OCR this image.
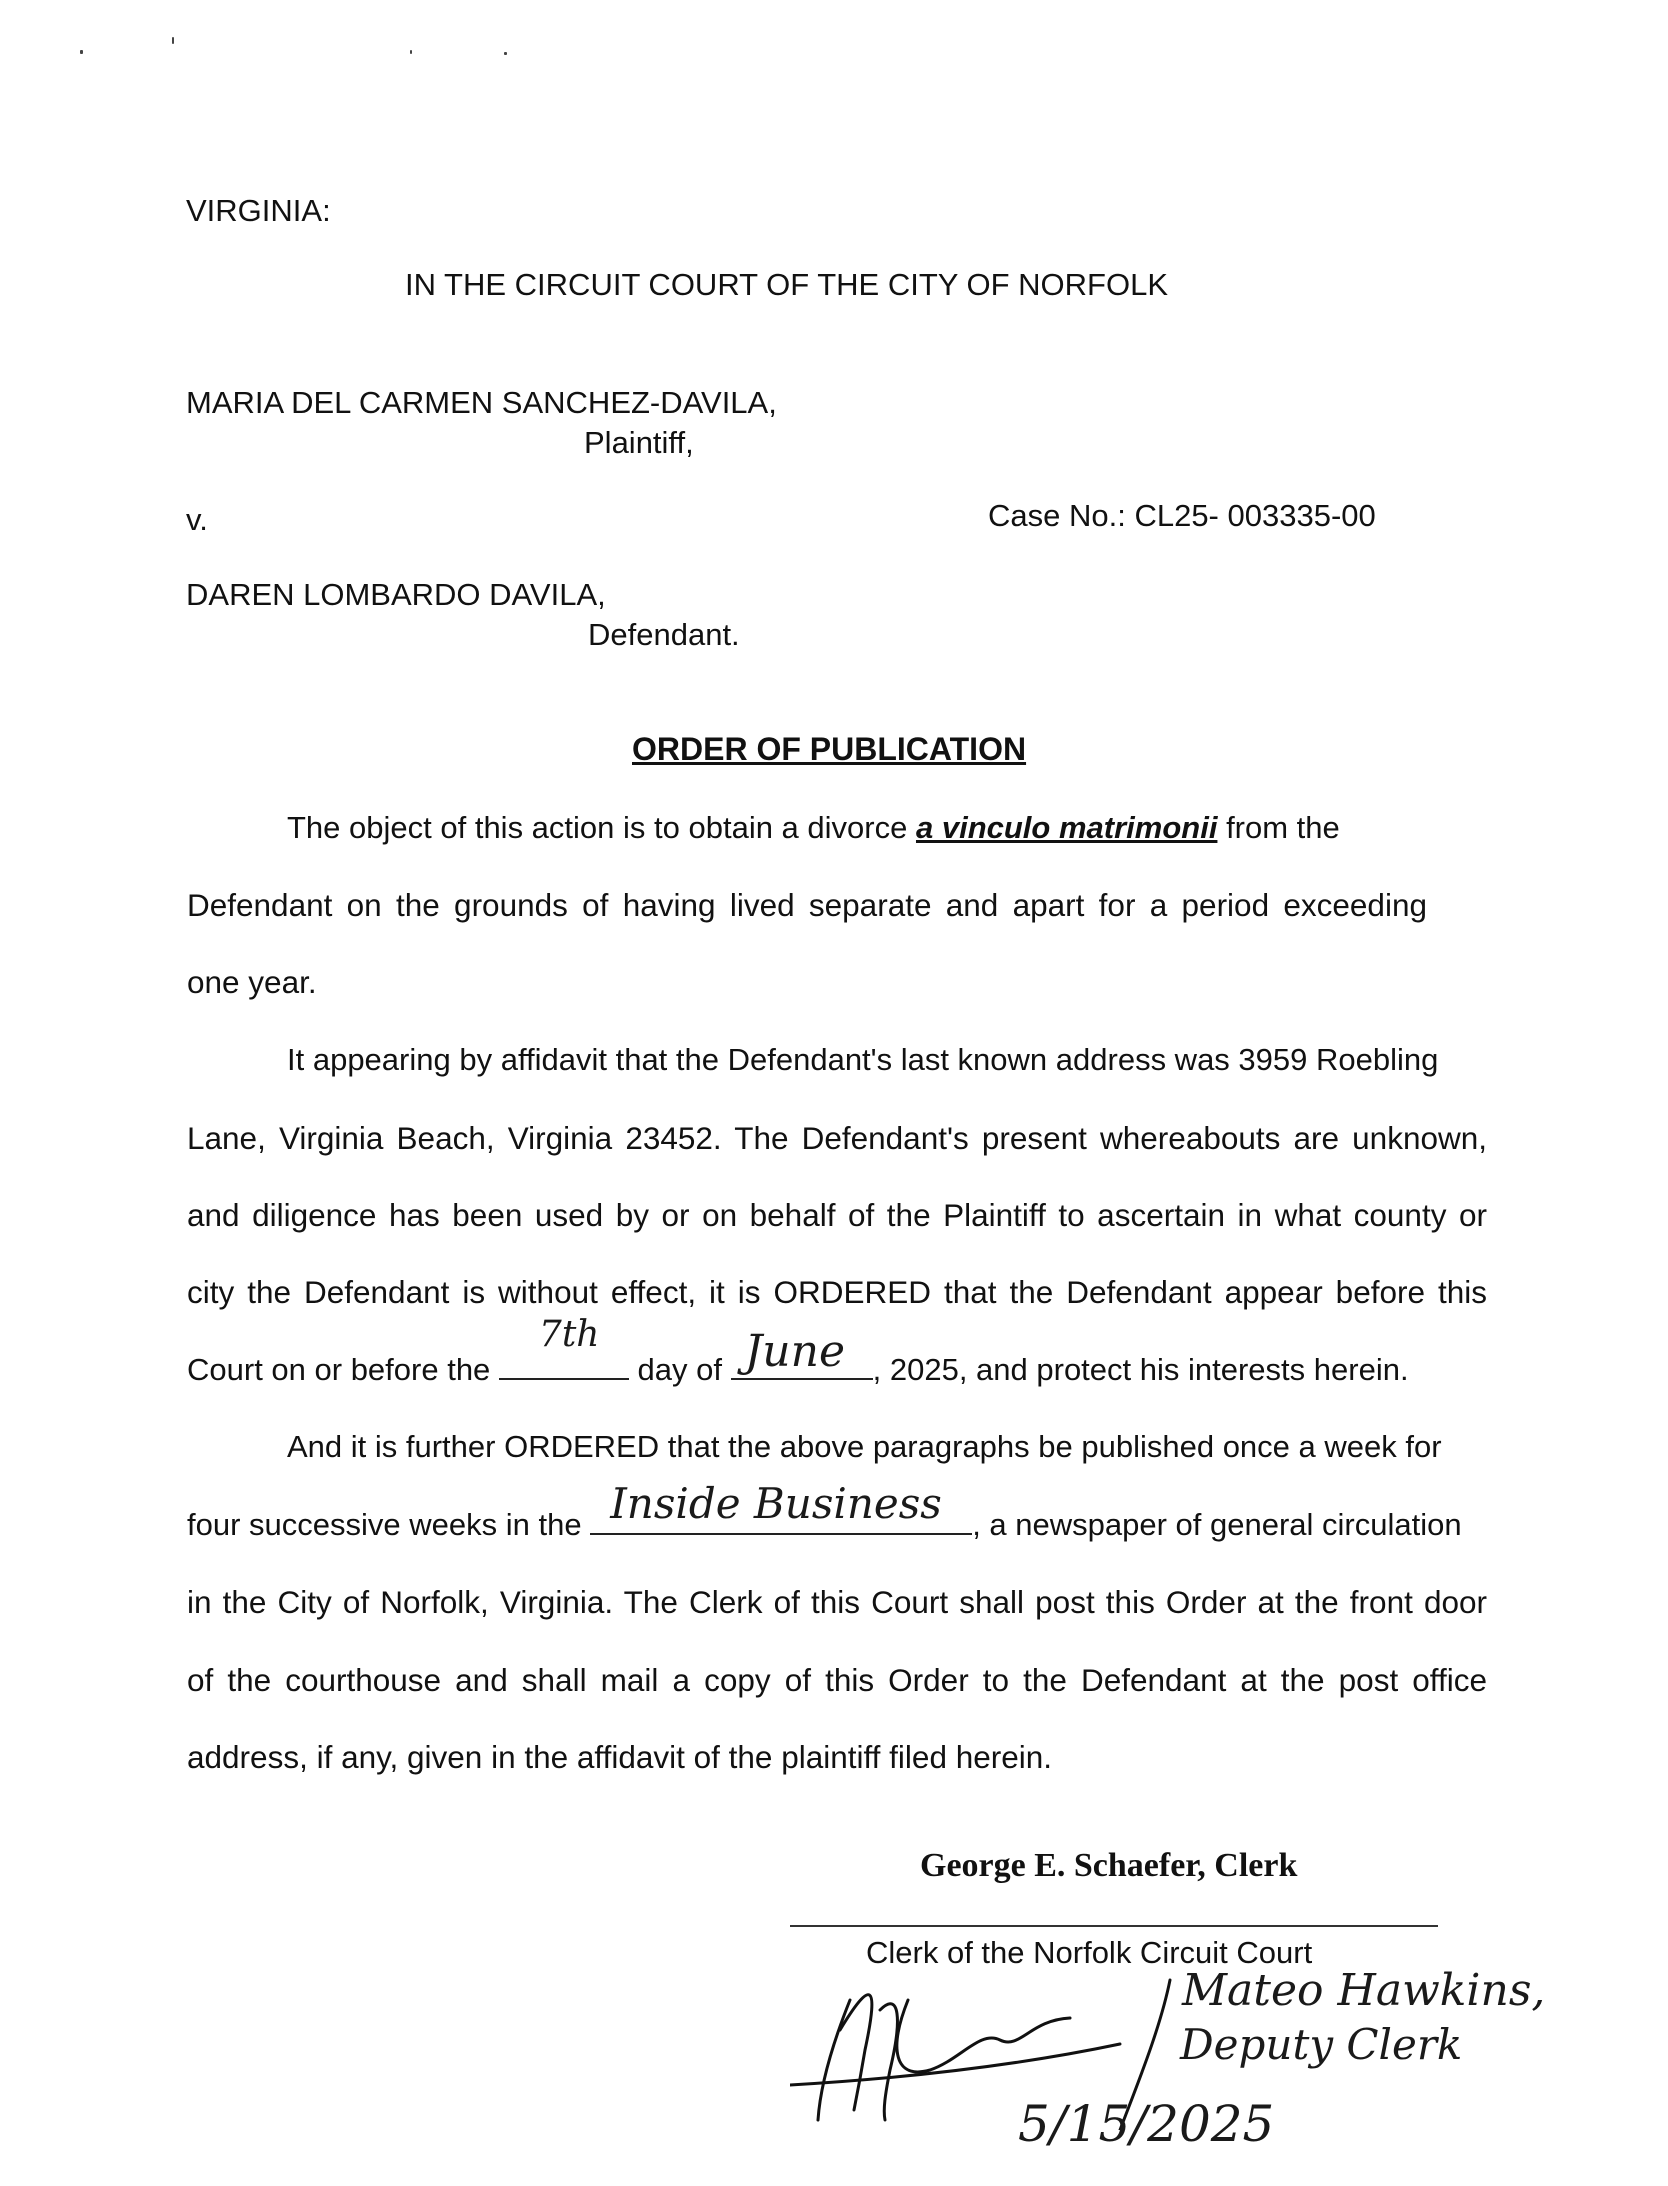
VIRGINIA:
IN THE CIRCUIT COURT OF THE CITY OF NORFOLK
MARIA DEL CARMEN SANCHEZ-DAVILA,
Plaintiff,
v.	Case No.: CL25- 003335-00
DAREN LOMBARDO DAVILA,
Defendant.
ORDER OF PUBLICATION
The object of this action is to obtain a divorce a vinculo matrimonii from the
Defendant on the grounds of having lived separate and apart for a period exceeding
one year.
It appearing by affidavit that the Defendant's last known address was 3959 Roebling
Lane, Virginia Beach, Virginia 23452. The Defendant's present whereabouts are unknown,
and diligence has been used by or on behalf of the Plaintiff to ascertain in what county or
city the Defendant is without effect, it is ORDERED that the Defendant appear before this
Court on or before the
7th
day of June , 2025, and protect his interests herein.
And it is further ORDERED that the above paragraphs be published once a week for
four successive weeks in the Inside Business , a newspaper of general circulation
in the City of Norfolk, Virginia. The Clerk of this Court shall post this Order at the front door
of the courthouse and shall mail a copy of this Order to the Defendant at the post office
address, if any, given in the affidavit of the plaintiff filed herein.
George E. Schaefer, Clerk
Clerk of the Norfolk Circuit Court
Mateo Hawkins,
Deputy Clerk
5/15/2025
